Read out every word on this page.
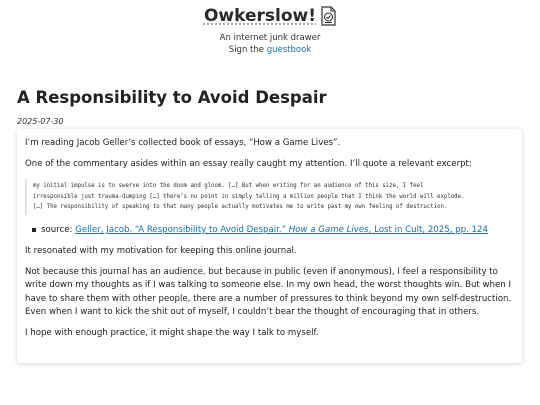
Owkerslow!
An internet junk drawer
Sign the guestbook
A Responsibility to Avoid Despair
2025-07-30

I’m reading Jacob Geller’s collected book of essays, “How a Game Lives”.

One of the commentary asides within an essay really caught my attention. I’ll quote a relevant excerpt:

my initial impulse is to swerve into the doom and gloom. […] But when writing for an audience of this size, I feel
irresponsible just trauma-dumping […] there’s no point in simply telling a million people that I think the world will explode.
[…] The responsibility of speaking to that many people actually motivates me to write past my own feeling of destruction.
source: Geller, Jacob. “A Responsibility to Avoid Despair.” How a Game Lives, Lost in Cult, 2025, pp. 124

It resonated with my motivation for keeping this online journal.

Not because this journal has an audience, but because in public (even if anonymous), I feel a responsibility to write down my thoughts as if I was talking to someone else. In my own head, the worst thoughts win. But when I have to share them with other people, there are a number of pressures to think beyond my own self-destruction. Even when I want to kick the shit out of myself, I couldn’t bear the thought of encouraging that in others.

I hope with enough practice, it might shape the way I talk to myself.
